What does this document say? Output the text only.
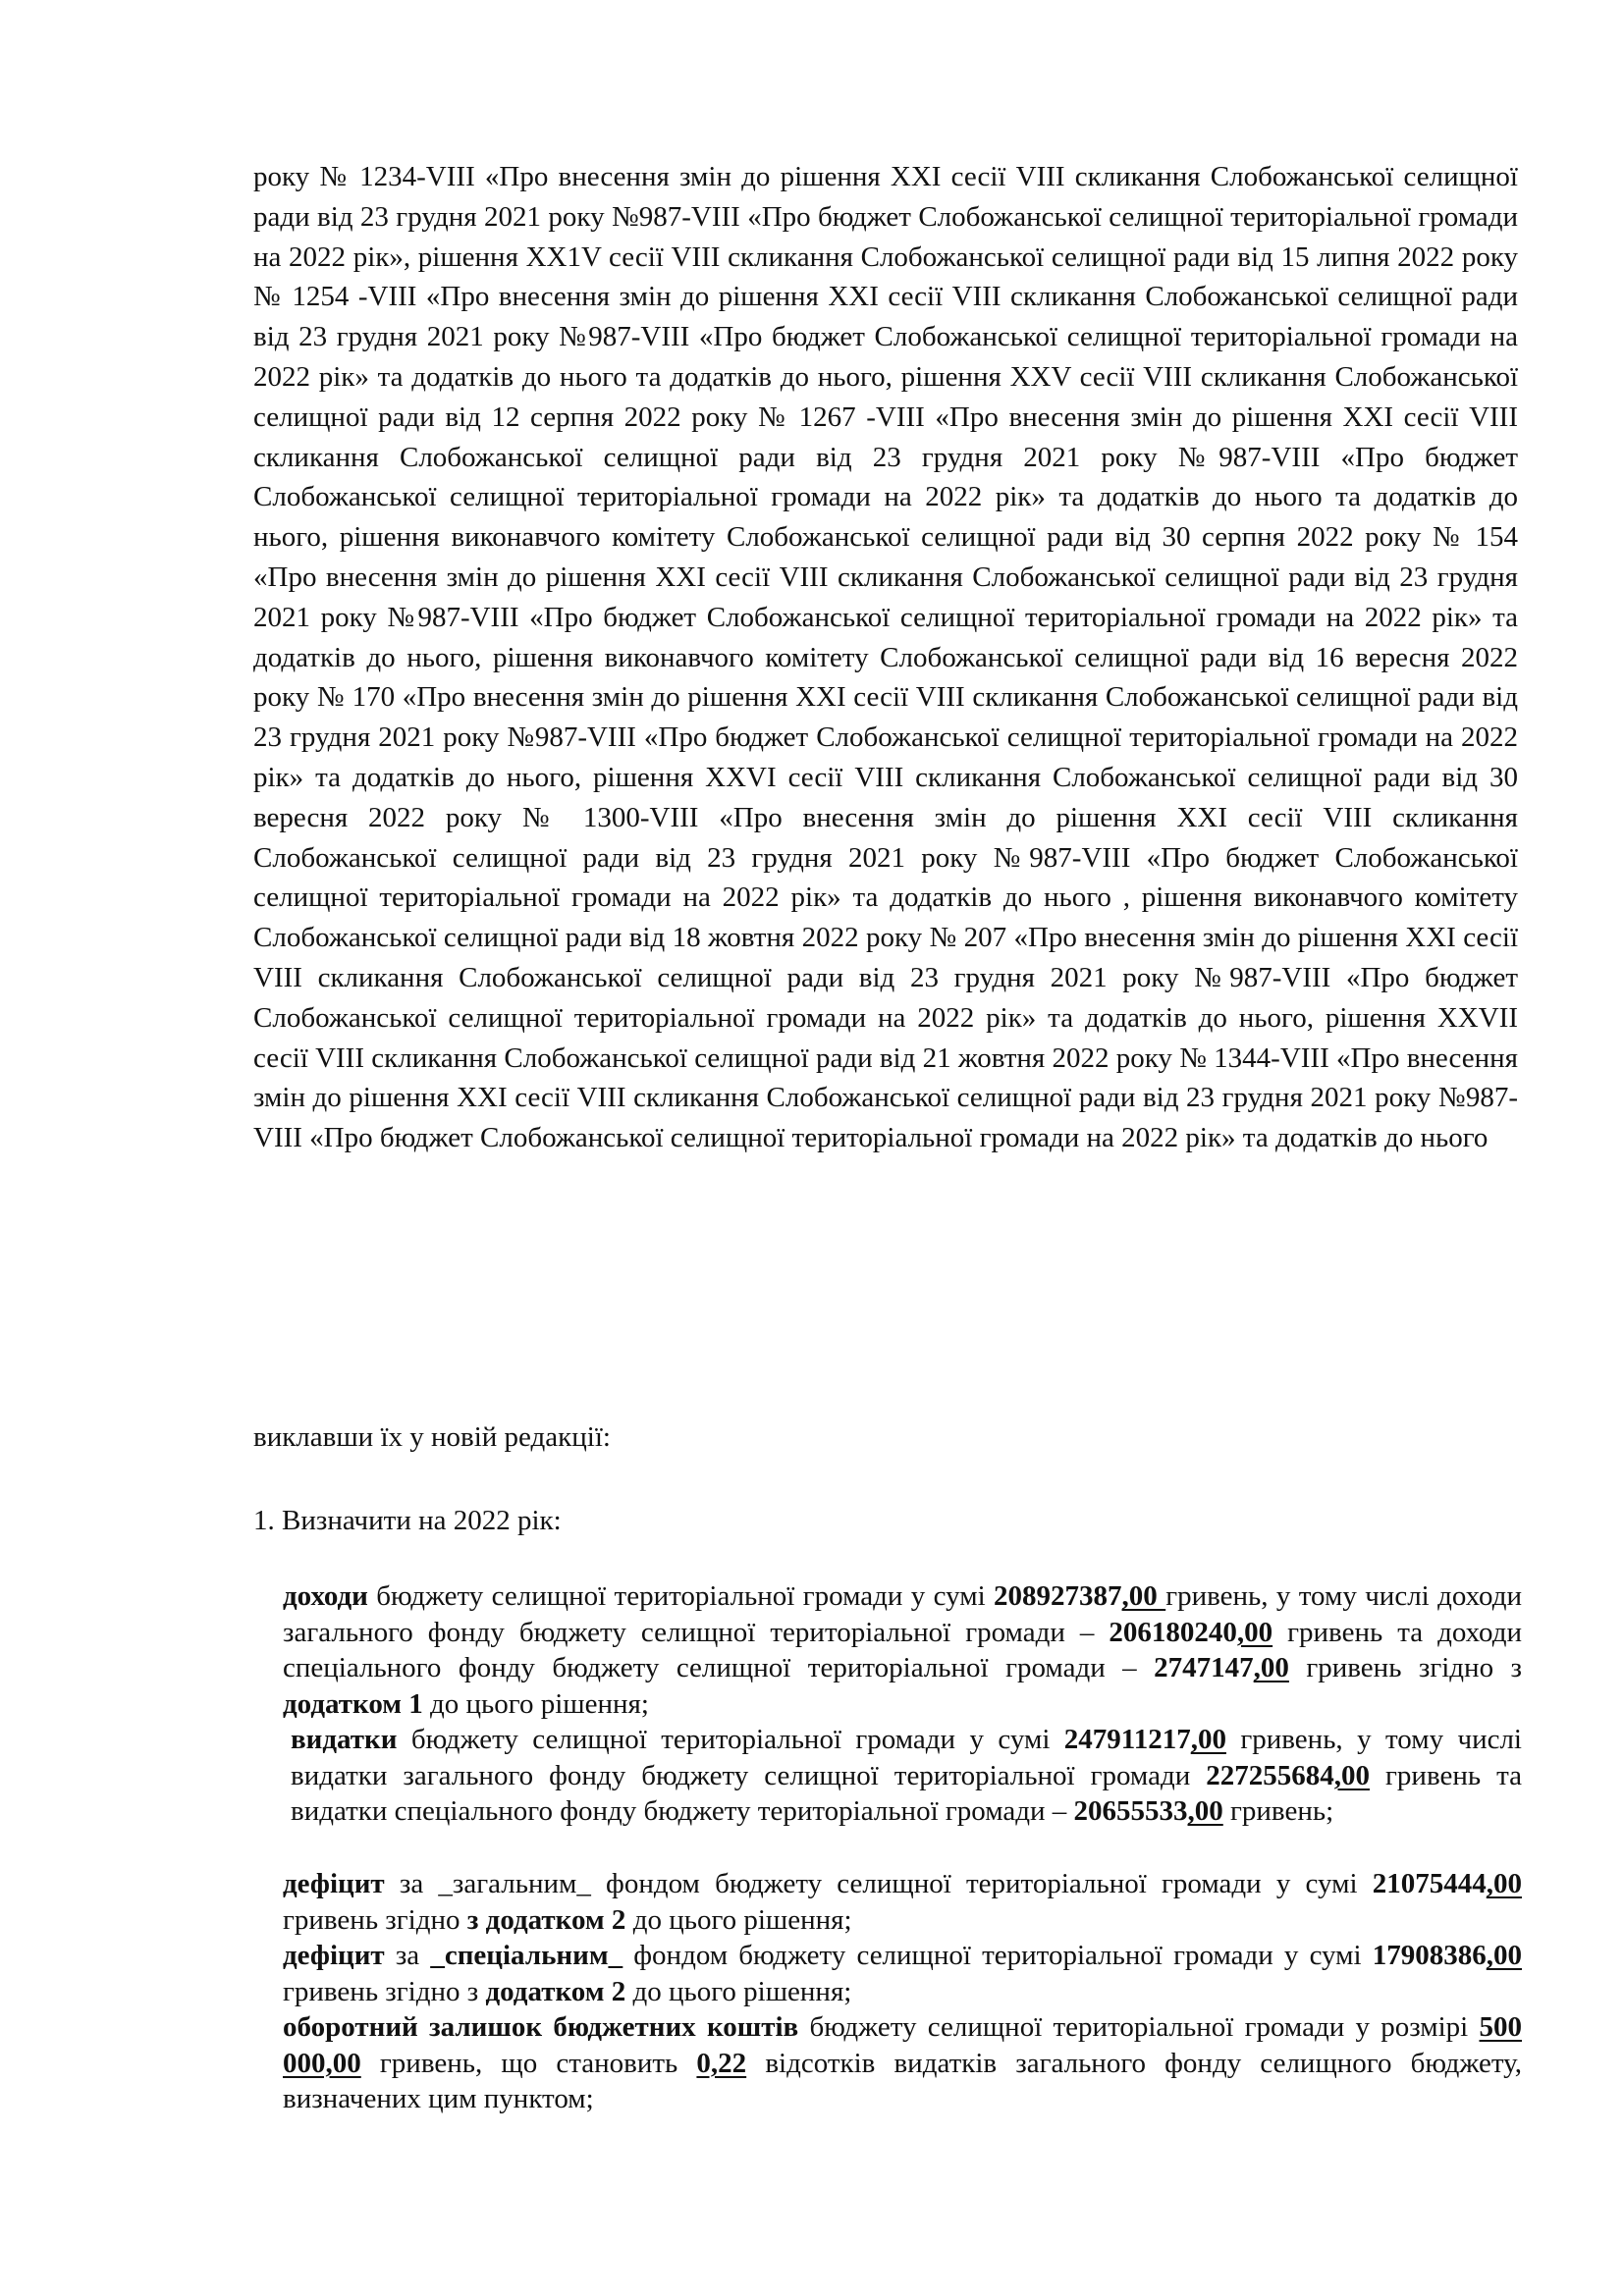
року № 1234-VIII «Про внесення змін до рішення XXI сесії VIII скликання Слобожанської селищної ради від 23 грудня 2021 року №987-VIII «Про бюджет Слобожанської селищної територіальної громади на 2022 рік», рішення XX1V сесії VIII скликання Слобожанської селищної ради від 15 липня 2022 року № 1254 -VIII «Про внесення змін до рішення XXI сесії VIII скликання Слобожанської селищної ради від 23 грудня 2021 року №987-VIII «Про бюджет Слобожанської селищної територіальної громади на 2022 рік» та додатків до нього та додатків до нього, рішення XXV сесії VIII скликання Слобожанської селищної ради від 12 серпня 2022 року № 1267 -VIII «Про внесення змін до рішення XXI сесії VIII скликання Слобожанської селищної ради від 23 грудня 2021 року №987-VIII «Про бюджет Слобожанської селищної територіальної громади на 2022 рік» та додатків до нього та додатків до нього, рішення виконавчого комітету Слобожанської селищної ради від 30 серпня 2022 року № 154 «Про внесення змін до рішення XXI сесії VIII скликання Слобожанської селищної ради від 23 грудня 2021 року №987-VIII «Про бюджет Слобожанської селищної територіальної громади на 2022 рік» та додатків до нього, рішення виконавчого комітету Слобожанської селищної ради від 16 вересня 2022 року № 170 «Про внесення змін до рішення XXI сесії VIII скликання Слобожанської селищної ради від 23 грудня 2021 року №987-VIII «Про бюджет Слобожанської селищної територіальної громади на 2022 рік» та додатків до нього, рішення XXVI сесії VIII скликання Слобожанської селищної ради від 30 вересня 2022 року № 1300-VIII «Про внесення змін до рішення XXI сесії VIII скликання Слобожанської селищної ради від 23 грудня 2021 року №987-VIII «Про бюджет Слобожанської селищної територіальної громади на 2022 рік» та додатків до нього , рішення виконавчого комітету Слобожанської селищної ради від 18 жовтня 2022 року № 207 «Про внесення змін до рішення XXI сесії VIII скликання Слобожанської селищної ради від 23 грудня 2021 року №987-VIII «Про бюджет Слобожанської селищної територіальної громади на 2022 рік» та додатків до нього, рішення XXVII сесії VIII скликання Слобожанської селищної ради від 21 жовтня 2022 року № 1344-VIII «Про внесення змін до рішення XXI сесії VIII скликання Слобожанської селищної ради від 23 грудня 2021 року №987-VIII «Про бюджет Слобожанської селищної територіальної громади на 2022 рік» та додатків до нього

виклавши їх у новій редакції:
1. Визначити на 2022 рік:

доходи бюджету селищної територіальної громади у сумі 208927387,00 гривень, у тому числі доходи загального фонду бюджету селищної територіальної громади – 206180240,00 гривень та доходи спеціального фонду бюджету селищної територіальної громади – 2747147,00 гривень згідно з додатком 1 до цього рішення;

видатки бюджету селищної територіальної громади у сумі 247911217,00 гривень, у тому числі видатки загального фонду бюджету селищної територіальної громади 227255684,00 гривень та видатки спеціального фонду бюджету територіальної громади – 20655533,00 гривень;

дефіцит за _загальним_ фондом бюджету селищної територіальної громади у сумі 21075444,00 гривень згідно з додатком 2 до цього рішення;

дефіцит за _спеціальним_ фондом бюджету селищної територіальної громади у сумі 17908386,00 гривень згідно з додатком 2 до цього рішення;

оборотний залишок бюджетних коштів бюджету селищної територіальної громади у розмірі 500 000,00 гривень, що становить 0,22 відсотків видатків загального фонду селищного бюджету, визначених цим пунктом;
